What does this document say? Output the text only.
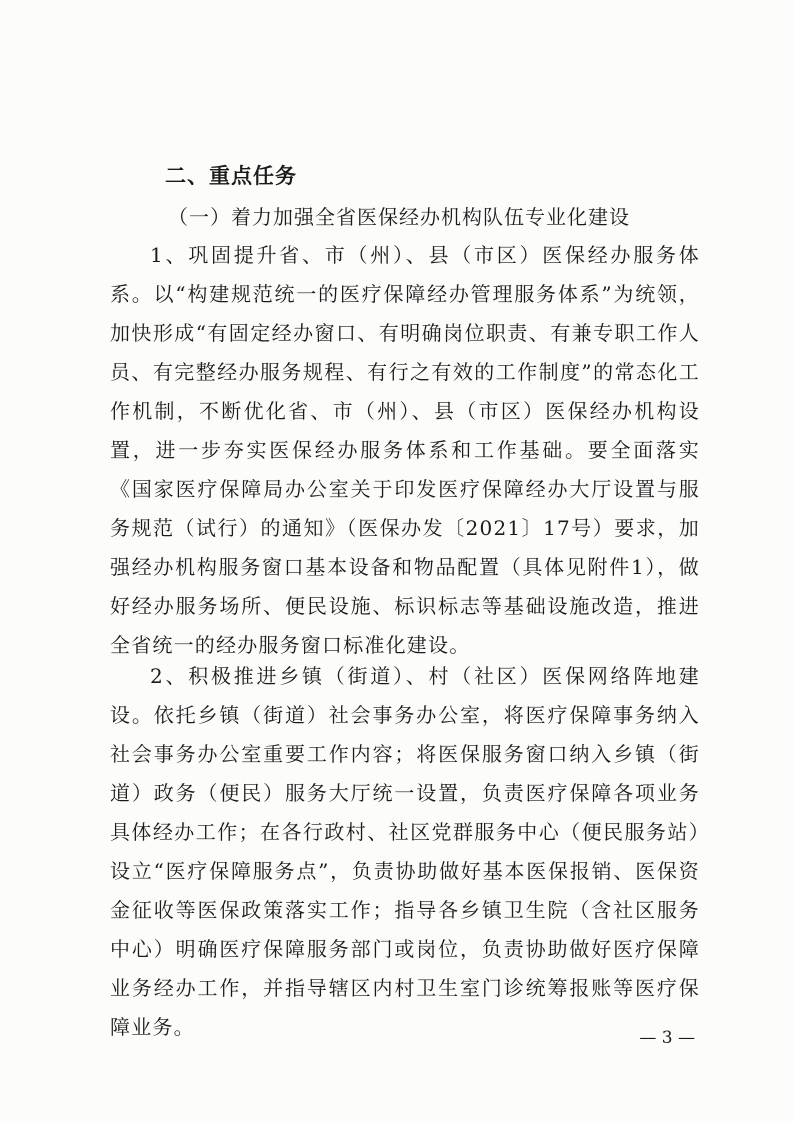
二、重点任务
（一）着力加强全省医保经办机构队伍专业化建设
1、巩固提升省、市（州）、县（市区）医保经办服务体系。以“构建规范统一的医疗保障经办管理服务体系”为统领，加快形成“有固定经办窗口、有明确岗位职责、有兼专职工作人员、有完整经办服务规程、有行之有效的工作制度”的常态化工作机制，不断优化省、市（州）、县（市区）医保经办机构设置，进一步夯实医保经办服务体系和工作基础。要全面落实《国家医疗保障局办公室关于印发医疗保障经办大厅设置与服务规范（试行）的通知》（医保办发〔2021〕17号）要求，加强经办机构服务窗口基本设备和物品配置（具体见附件1），做好经办服务场所、便民设施、标识标志等基础设施改造，推进全省统一的经办服务窗口标准化建设。
2、积极推进乡镇（街道）、村（社区）医保网络阵地建设。依托乡镇（街道）社会事务办公室，将医疗保障事务纳入社会事务办公室重要工作内容；将医保服务窗口纳入乡镇（街道）政务（便民）服务大厅统一设置，负责医疗保障各项业务具体经办工作；在各行政村、社区党群服务中心（便民服务站）设立“医疗保障服务点”，负责协助做好基本医保报销、医保资金征收等医保政策落实工作；指导各乡镇卫生院（含社区服务中心）明确医疗保障服务部门或岗位，负责协助做好医疗保障业务经办工作，并指导辖区内村卫生室门诊统筹报账等医疗保障业务。	— 3 —
